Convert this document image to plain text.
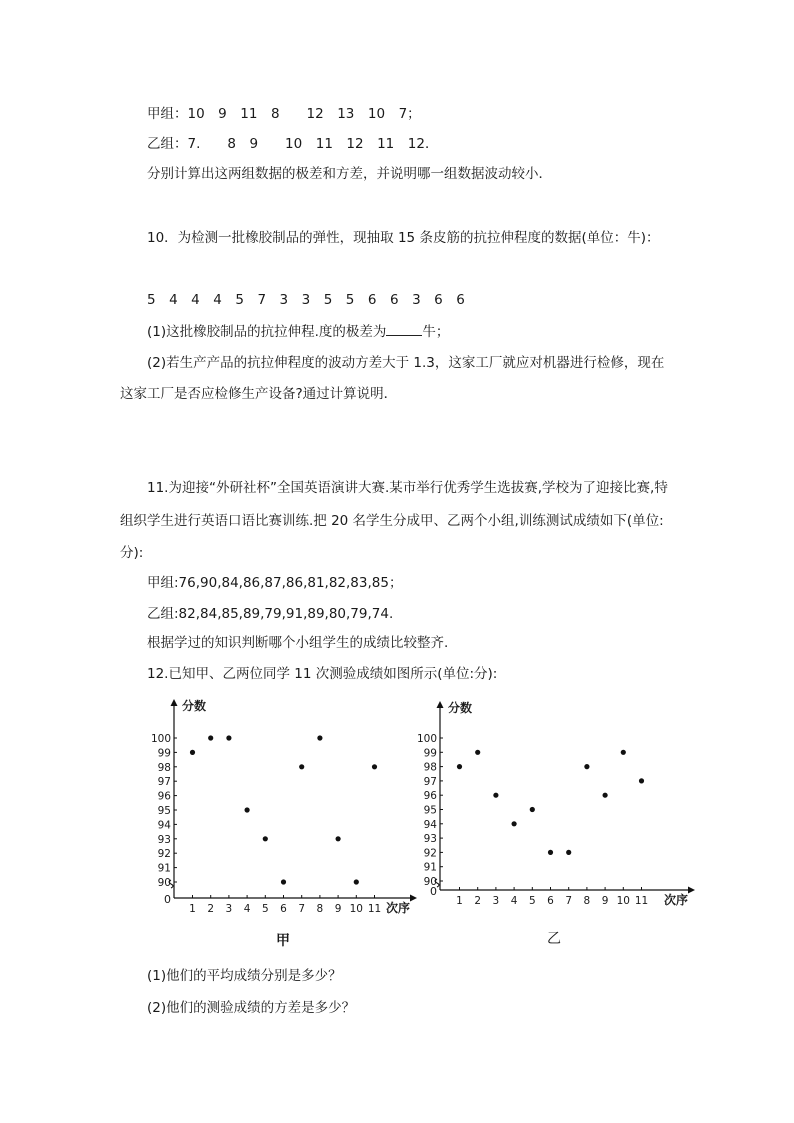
甲组：10　9　11　8　　12　13　10　7；
乙组：7.　　8　9　　10　11　12　11　12．
分别计算出这两组数据的极差和方差，并说明哪一组数据波动较小．
10．为检测一批橡胶制品的弹性，现抽取 15 条皮筋的抗拉伸程度的数据(单位：牛)：
5　4　4　4　5　7　3　3　5　5　6　6　3　6　6
(1)这批橡胶制品的抗拉伸程.度的极差为	牛；
(2)若生产产品的抗拉伸程度的波动方差大于 1.3，这家工厂就应对机器进行检修，现在
这家工厂是否应检修生产设备?通过计算说明．
11.为迎接“外研社杯”全国英语演讲大赛.某市举行优秀学生选拔赛,学校为了迎接比赛,特
组织学生进行英语口语比赛训练.把 20 名学生分成甲、乙两个小组,训练测试成绩如下(单位:
分):
甲组:76,90,84,86,87,86,81,82,83,85；
乙组:82,84,85,89,79,91,89,80,79,74.
根据学过的知识判断哪个小组学生的成绩比较整齐.
12.已知甲、乙两位同学 11 次测验成绩如图所示(单位:分):
分数
次序
0
90
91
92
93
94
95
96
97
98
99
100
1 2 3 4 5 6 7 8 9 10 11
分数
次序
0
90
91
92
93
94
95
96
97
98
99
100
1 2 3 4 5 6 7 8 9 10 11
甲	乙
(1)他们的平均成绩分别是多少？
(2)他们的测验成绩的方差是多少？
